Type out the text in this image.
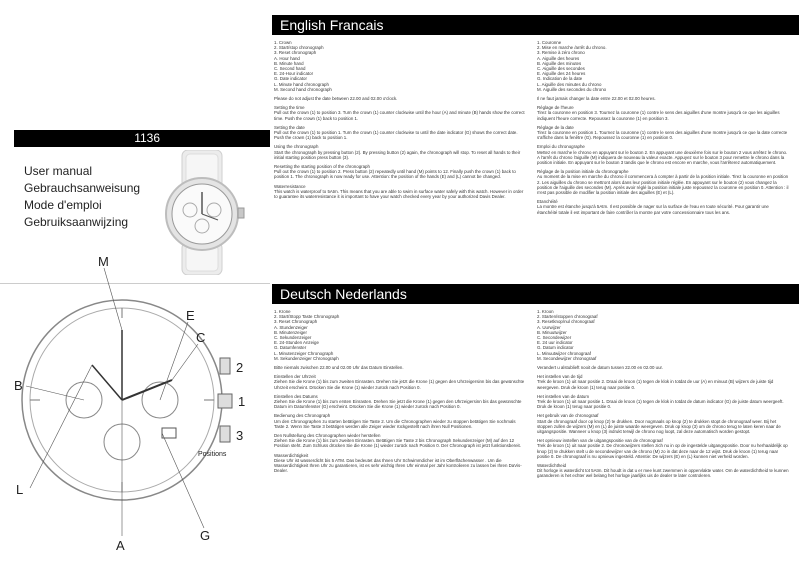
1136
User manual
Gebrauchsanweisung
Mode d'emploi
Gebruiksaanwijzing
M
L
B
A
G
E
C
2
1
3
Positions
English Francais

1. Crown
2. Start/stop chronograph
3. Reset chronograph
A. Hour hand
B. Minute hand
C. Second hand
E. 24-Hour indicator
G. Date indicator
L. Minute hand chronograph
M. Second hand chronograph

Please do not adjust the date between 22.00 and 02.00 o'clock.

Setting the time
Pull out the crown (1) to position 3. Turn the crown (1) counter clockwise until the hour (A) and minute (B) hands show the correct time. Push the crown (1) back to position 1.

Setting the date
Pull out the crown (1) to position 1. Turn the crown (1) counter clockwise to until the date indicator (G) shows the correct date. Push the crown (1) back to position 1.

Using the chronograph
Start the chronograph by pressing button (2). By pressing button (2) again, the chronograph will stop. To reset all hands to their initial starting position press button (3).

Resetting the starting position of the chronograph
Pull out the crown (1) to position 2. Press button (2) repeatedly until hand (M) points to 12. Finally push the crown (1) back to position 1. The chronograph is now ready for use. Attention: the position of the hands (E) and (L) cannot be changed.

Waterresistance
This watch is waterproof to 5Atm. This means that you are able to swim in surface water safely with this watch. However in order to guarantee its waterresistance it is important to have your watch checked every year by your authorized Davis Dealer.

1. Couronne
2. Mise en marche /arrêt du chrono.
3. Remise à zéro chrono
A. Aiguille des heures
B. Aiguille des minutes
C. Aiguille des secondes
E. Aiguille des 24 heures
G. Indication de la date
L. Aiguille des minutes du chrono
M. Aiguille des secondes du chrono

Il ne faut jamais changer la date entre 22.00 et 02.00 heures.

Réglage de l'heure
Tirez la couronne en position 3. Tournez la couronne (1) contre le sens des aiguilles d'une montre jusqu'à ce que les aiguilles indiquent l'heure correcte. Repoussez la couronne (1) en position 3.

Réglage de la date
Tirez la couronne en position 1. Tournez la couronne (1) contre le sens des aiguilles d'une montre jusqu'à ce que la date correcte s'affiche dans la fenêtre (G). Repoussez la couronne (1) en position 0.

Emploi du chronographe
Mettez en marche le chrono en appuyant sur le bouton 2. En appuyant une deuxième fois sur le bouton 2 vous arrêtez le chrono. A l'arrêt du chrono l'aiguille (M) indiquera de nouveau la valeur exacte. Appuyez sur le bouton 3 pour remettre le chrono dans la position initiale. En appuyant sur le bouton 3 tandis que le chrono est encore en marche, vous l'arrêterez automatiquement.

Réglage de la position initiale du chronographe
Au moment de la mise en marche du chrono il commencera à compter à partir de la position initiale. Tirez la couronne en position 2. Les aiguilles du chrono se mettront alors dans leur position initiale réglée. En appuyant sur le bouton (2) vous changez la position de l'aiguille des secondes (M). Après avoir réglé la position initiale juste repoussez la couronne en position 0. Attention : il n'est pas possible de modifier la position initiale des aiguilles (E) et (L).

Etanchéité
La montre est étanche jusqu'à 5Atm. Il est possible de nager sur la surface de l'eau en toute sécurité. Pour garantir une étanchéité totale il est important de faire contrôler la montre par votre concessionnaire tous les ans.

Deutsch Nederlands

1. Krone
2. Start/Stopp Taste Chronograph
3. Reset Chronograph
A. Stundenzeiger
B. Minutenzeiger
C. Sekundenzeiger
E. 24-Stunden Anzeige
G. Datumfenster
L. Minutenzeiger Chronograph
M. Sekundenzeiger Chronograph

Bitte niemals zwischen 22.00 und 02.00 Uhr das Datum Einstellen.

Einstellen der Uhrzeit
Ziehen Sie die Krone (1) bis zum zweiten Einrasten. Drehen Sie jetzt die Krone (1) gegen den Uhrzeigersinn bis das gewünschte Uhrzeit erscheint. Drücken Sie die Krone (1) wieder zurück nach Position 0.

Einstellen des Datums
Ziehen Sie die Krone (1) bis zum ersten Einrasten. Drehen Sie jetzt die Krone (1) gegen den Uhrzeigersinn bis das gewünschte Datum im Datumfenster (G) erscheint. Drücken Sie die Krone (1) wieder zurück nach Position 0.

Bedienung des Chronograph
Um den Chronographen zu starten betätigen Sie Taste 2. Um die Chronographen wieder zu stoppen betätigen Sie nochmals Taste 2. Wenn Sie Taste 3 betätigen werden alle Zeiger wieder rückgestellt nach ihren Null Positionen.

Den Nullstellung des Chronographen wieder herstellen
Ziehen Sie die Krone (1) bis zum zweiten Einrasten. Betätigen Sie Taste 2 bis Chronograph Sekundenzeiger (M) auf den 12 Position steht. Zum Schluss drücken Sie die Krone (1) wieder zurück nach Position 0. Der Chronograph ist jetzt funktionsbereit.

Wasserdichtigkeit
Diese Uhr ist wasserdicht bis 5 ATM. Das bedeutet das Ihnen Uhr Schwimmdicher ist im Oberflächenwasser . Um die Wasserdichtigkeit Ihren Uhr zu garantieren, ist es sehr wichtig Ihren Uhr einmal per Jahr kontrolieren zu lassen bei Ihren DaVis-Dealer.

1. Kroon
2. Starten/stoppen chronograaf
3. Resetknop/nul chronograaf
A. Uurwijzer
B. Minuutwijzer
C. Secondewijzer
E. 24 uur indicator
G. Datum indicator
L. Minuutwijzer chronograaf
M. Secondewijzer chronograaf

Verandert u alstublieft nooit de datum tussen 22.00 en 02.00 uur.

Het instellen van de tijd
Trek de kroon (1) uit naar positie 2. Draai de kroon (1) tegen de klok in totdat de uur (A) en minuut (B) wijzers de juiste tijd weergeven. Druk de kroon (1) terug naar positie 0.

Het instellen van de datum
Trek de kroon (1) uit naar positie 1. Draai de kroon (1) tegen de klok in totdat de datum indicator (G) de juiste datum weergeeft. Druk de kroon (1) terug naar positie 0.

Het gebruik van de chronograaf
Start de chronograaf door op knop (2) te drukken. Door nogmaals op knop (2) te drukken stopt de chronograaf weer. Bij het stoppen zullen de wijzers (M) en (L) de juiste waarde weergeven. Druk op knop (3) om de chrono terug te laten keren naar de uitgangspositie. Wanneer u knop (3) indrukt terwijl de chrono nog loopt, zal deze automatisch worden gestopt.

Het opnieuw instellen van de uitgangspositie van de chronograaf
Trek de kroon (1) uit naar positie 2. De chronowijzers stellen zich nu in op de ingestelde uitgangspositie. Door nu herhaaldelijk op knop (2) te drukken stelt u de secondewijzer van de chrono (M) zo in dat deze naar de 12 wijst. Druk de kroon (1) terug naar positie 0. De chronograaf is nu opnieuw ingesteld. Attentie: De wijzers (E) en (L) kunnen niet verheld worden.

Waterdichtheid
Dit horloge is waterdicht tot 5Atm. Dit houdt in dat u er mee kunt zwemmen in oppervlakte water. Om de waterdichtheid te kunnen garanderen is het echter wel belang het horloge jaarlijks uis de dealer te later controleren.
